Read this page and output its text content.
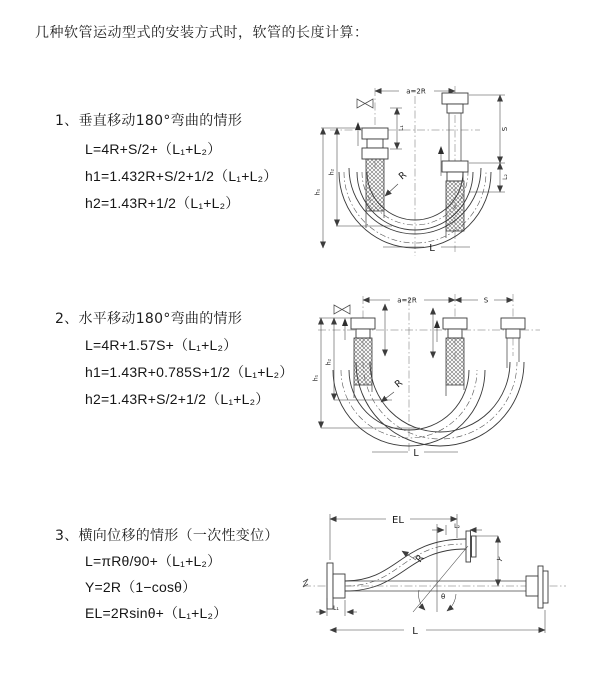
几种软管运动型式的安装方式时，软管的长度计算：
1、垂直移动180°弯曲的情形
L=4R+S/2+（L₁+L₂）
h1=1.432R+S/2+1/2（L₁+L₂）
h2=1.43R+1/2（L₁+L₂）
2、水平移动180°弯曲的情形
L=4R+1.57S+（L₁+L₂）
h1=1.43R+0.785S+1/2（L₁+L₂）
h2=1.43R+S/2+1/2（L₁+L₂）
3、横向位移的情形（一次性变位）
L=πRθ/90+（L₁+L₂）
Y=2R（1−cosθ）
EL=2Rsinθ+（L₁+L₂）
a=2R
L₁	S
L₂
h₁
h₂	R
L
a=2R	S
h₁
h₂
R
L
EL
L₂
Y
θ
R
L₁
L
